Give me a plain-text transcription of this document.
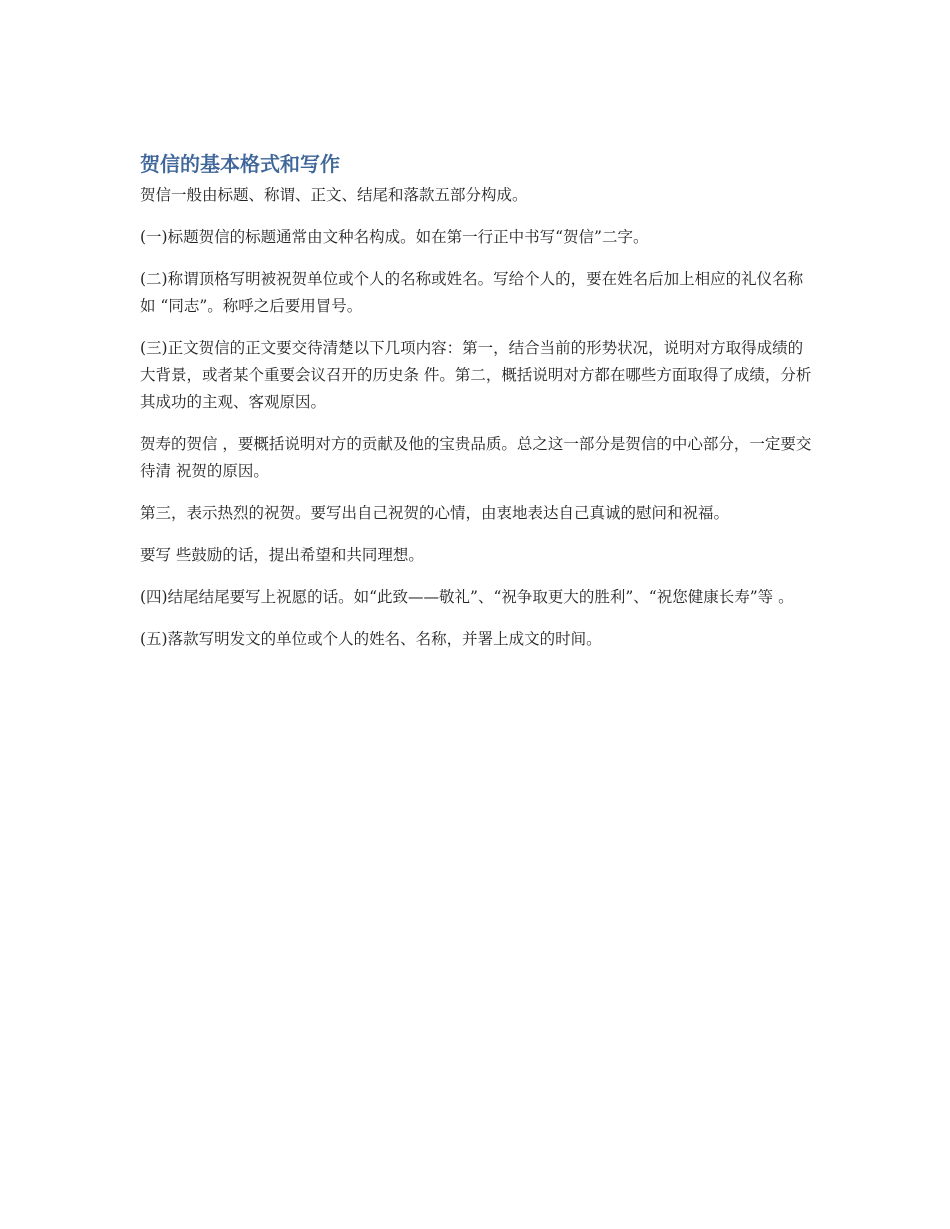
贺信的基本格式和写作

贺信一般由标题、称谓、正文、结尾和落款五部分构成。

(一)标题贺信的标题通常由文种名构成。如在第一行正中书写“贺信”二字。

(二)称谓顶格写明被祝贺单位或个人的名称或姓名。写给个人的，要在姓名后加上相应的礼仪名称如 “同志”。称呼之后要用冒号。

(三)正文贺信的正文要交待清楚以下几项内容：第一，结合当前的形势状况，说明对方取得成绩的大背景，或者某个重要会议召开的历史条 件。第二，概括说明对方都在哪些方面取得了成绩，分析其成功的主观、客观原因。

贺寿的贺信 ，要概括说明对方的贡献及他的宝贵品质。总之这一部分是贺信的中心部分，一定要交待清 祝贺的原因。

第三，表示热烈的祝贺。要写出自己祝贺的心情，由衷地表达自己真诚的慰问和祝福。

要写 些鼓励的话，提出希望和共同理想。

(四)结尾结尾要写上祝愿的话。如“此致——敬礼”、“祝争取更大的胜利”、“祝您健康长寿”等 。

(五)落款写明发文的单位或个人的姓名、名称，并署上成文的时间。
